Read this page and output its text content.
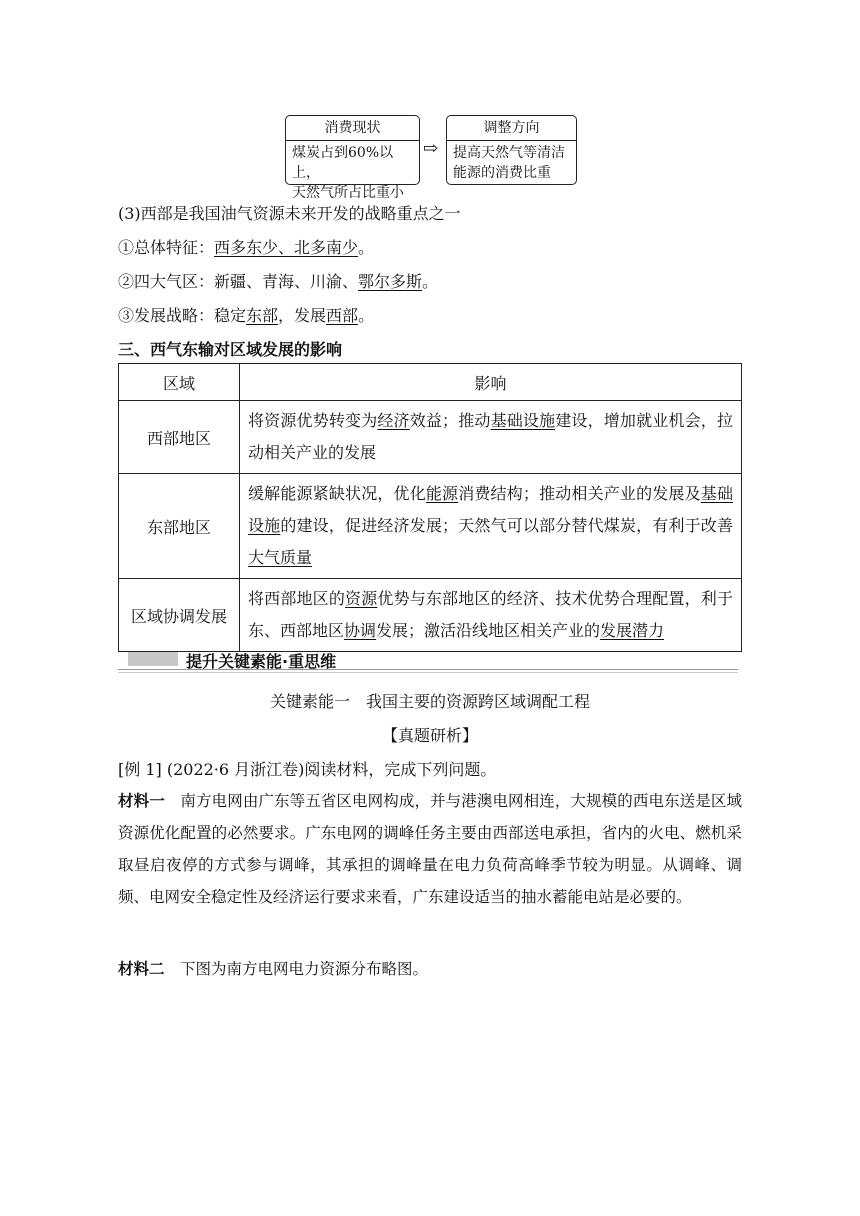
消费现状
煤炭占到60%以上，
天然气所占比重小
⇨
调整方向
提高天然气等清洁
能源的消费比重
(3)西部是我国油气资源未来开发的战略重点之一
①总体特征：西多东少、北多南少。
②四大气区：新疆、青海、川渝、鄂尔多斯。
③发展战略：稳定东部，发展西部。
三、西气东输对区域发展的影响
区域	影响
西部地区	将资源优势转变为经济效益；推动基础设施建设，增加就业机会，拉动相关产业的发展
东部地区	缓解能源紧缺状况，优化能源消费结构；推动相关产业的发展及基础设施的建设，促进经济发展；天然气可以部分替代煤炭，有利于改善大气质量
区域协调发展	将西部地区的资源优势与东部地区的经济、技术优势合理配置，利于东、西部地区协调发展；激活沿线地区相关产业的发展潜力
提升关键素能·重思维
关键素能一　我国主要的资源跨区域调配工程
【真题研析】
[例 1] (2022·6 月浙江卷)阅读材料，完成下列问题。
材料一　南方电网由广东等五省区电网构成，并与港澳电网相连，大规模的西电东送是区域资源优化配置的必然要求。广东电网的调峰任务主要由西部送电承担，省内的火电、燃机采取昼启夜停的方式参与调峰，其承担的调峰量在电力负荷高峰季节较为明显。从调峰、调频、电网安全稳定性及经济运行要求来看，广东建设适当的抽水蓄能电站是必要的。
材料二　下图为南方电网电力资源分布略图。
